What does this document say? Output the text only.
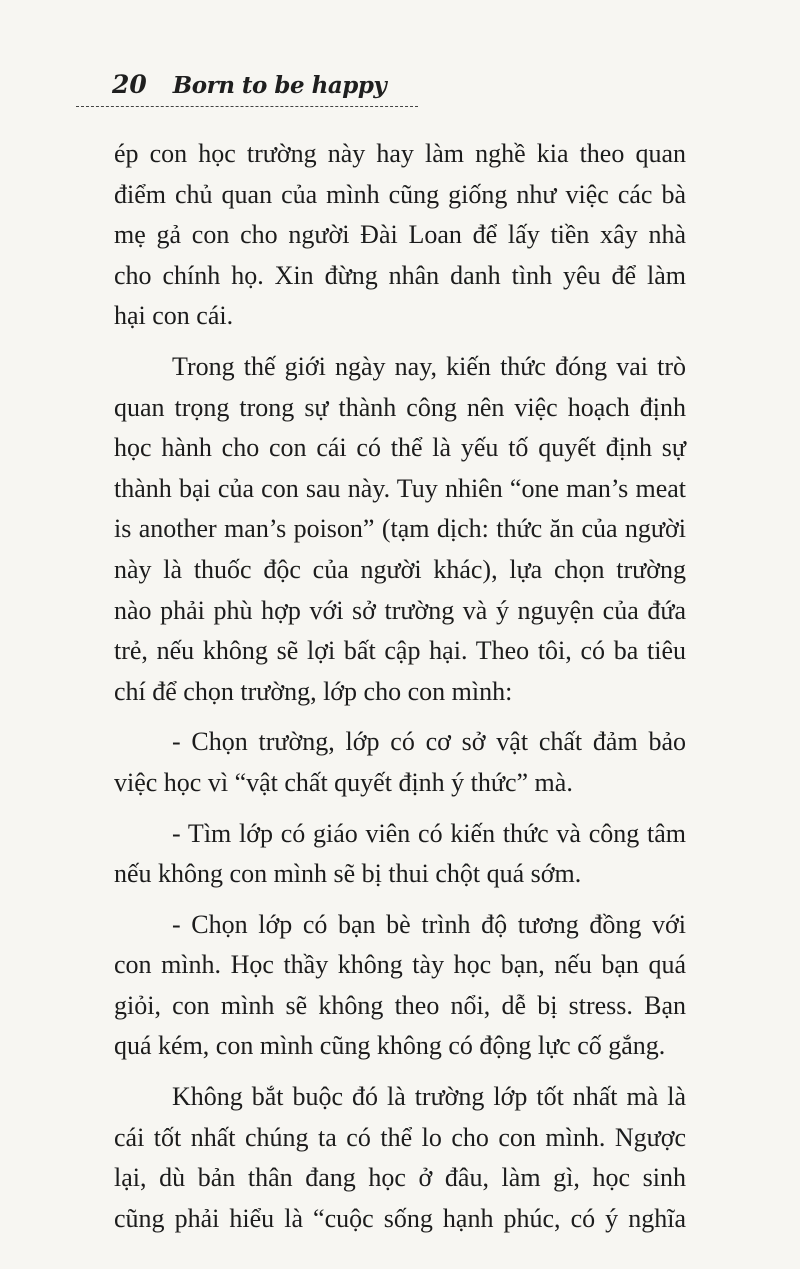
20 Born to be happy
ép con học trường này hay làm nghề kia theo quan
điểm chủ quan của mình cũng giống như việc các bà
mẹ gả con cho người Đài Loan để lấy tiền xây nhà
cho chính họ. Xin đừng nhân danh tình yêu để làm
hại con cái.
Trong thế giới ngày nay, kiến thức đóng vai trò
quan trọng trong sự thành công nên việc hoạch định
học hành cho con cái có thể là yếu tố quyết định sự
thành bại của con sau này. Tuy nhiên “one man’s meat
is another man’s poison” (tạm dịch: thức ăn của người
này là thuốc độc của người khác), lựa chọn trường
nào phải phù hợp với sở trường và ý nguyện của đứa
trẻ, nếu không sẽ lợi bất cập hại. Theo tôi, có ba tiêu
chí để chọn trường, lớp cho con mình:
- Chọn trường, lớp có cơ sở vật chất đảm bảo
việc học vì “vật chất quyết định ý thức” mà.
- Tìm lớp có giáo viên có kiến thức và công tâm
nếu không con mình sẽ bị thui chột quá sớm.
- Chọn lớp có bạn bè trình độ tương đồng với
con mình. Học thầy không tày học bạn, nếu bạn quá
giỏi, con mình sẽ không theo nổi, dễ bị stress. Bạn
quá kém, con mình cũng không có động lực cố gắng.
Không bắt buộc đó là trường lớp tốt nhất mà là
cái tốt nhất chúng ta có thể lo cho con mình. Ngược
lại, dù bản thân đang học ở đâu, làm gì, học sinh
cũng phải hiểu là “cuộc sống hạnh phúc, có ý nghĩa
